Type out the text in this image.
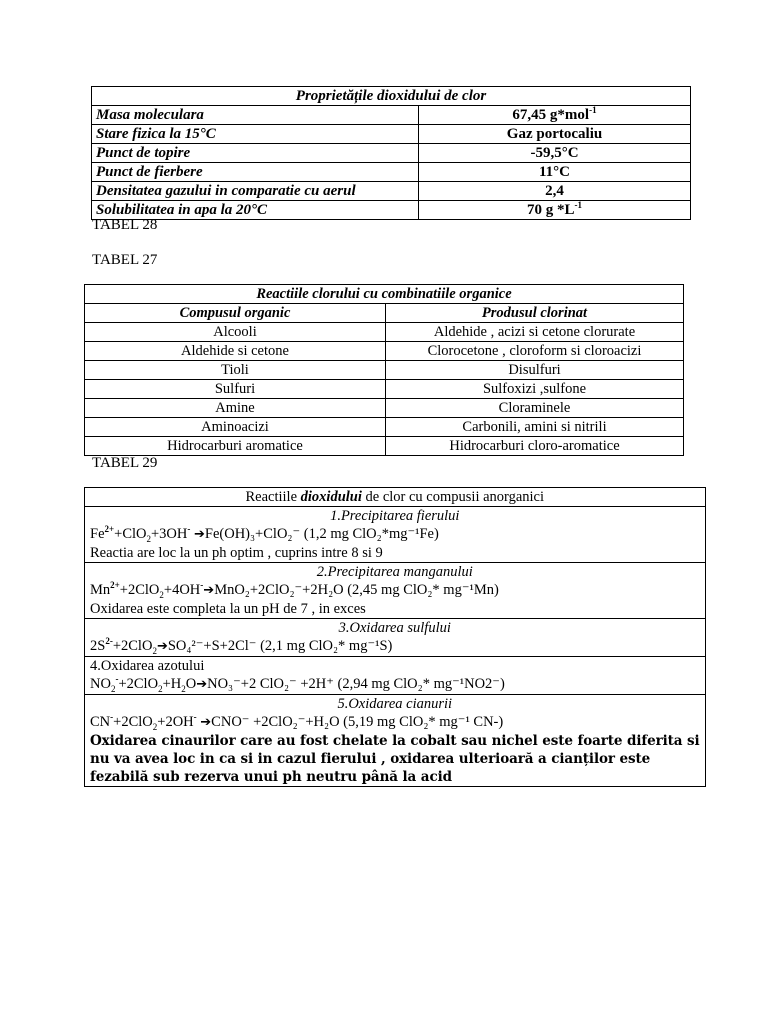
Proprietățile dioxidului de clor	
Masa moleculara	67,45 g*mol$^{-1}$
Stare fizica la 15°C	Gaz portocaliu
Punct de topire	-59,5°C
Punct de fierbere	11°C
Densitatea gazului in comparatie cu aerul	2,4
Solubilitatea in apa la 20°C	70 g $*L^{-1}$
TABEL 28
TABEL 27
Reactiile clorului cu combinatiile organice	
Compusul organic	Produsul clorinat
Alcooli	Aldehide , acizi si cetone clorurate
Aldehide si cetone	Clorocetone , cloroform si cloroacizi
Tioli	Disulfuri
Sulfuri	Sulfoxizi ,sulfone
Amine	Cloraminele
Aminoacizi	Carbonili, amini si nitrili
Hidrocarburi aromatice	Hidrocarburi cloro-aromatice
TABEL 29
Reactiile dioxidului de clor cu compusii anorganici

1.Precipitarea fierului
$Fe^{2+}+ClO_2+3OH^-$ ➔Fe(OH)₃+ClO₂⁻ (1,2 mg ClO₂*mg⁻¹Fe)
Reactia are loc la un ph optim , cuprins intre 8 si 9

2.Precipitarea manganului
$Mn^{2+}+2ClO_2+4OH^-➔MnO_2+2ClO_2^-+2H_2O$ (2,45 mg ClO₂* mg⁻¹Mn)
Oxidarea este completa la un pH de 7 , in exces

3.Oxidarea sulfului
$2S^{2-}+2ClO_2➔SO_4^{2-}+S+2Cl^-$ (2,1 mg ClO₂* mg⁻¹S)

4.Oxidarea azotului
$NO_2^-+2ClO_2+H_2O➔NO_3^-+2$ ClO₂⁻ +2H⁺ (2,94 mg ClO₂* mg⁻¹NO2⁻)

5.Oxidarea cianurii
CN-+2ClO$_2$+2OH- ➔CNO⁻ +2ClO₂⁻+H₂O (5,19 mg ClO₂* mg⁻¹ CN-)
Oxidarea cinaurilor care au fost chelate la cobalt sau nichel este foarte diferita si
nu va avea loc in ca si in cazul fierului , oxidarea ulterioară a cianților este
fezabilă sub rezerva unui ph neutru până la acid
